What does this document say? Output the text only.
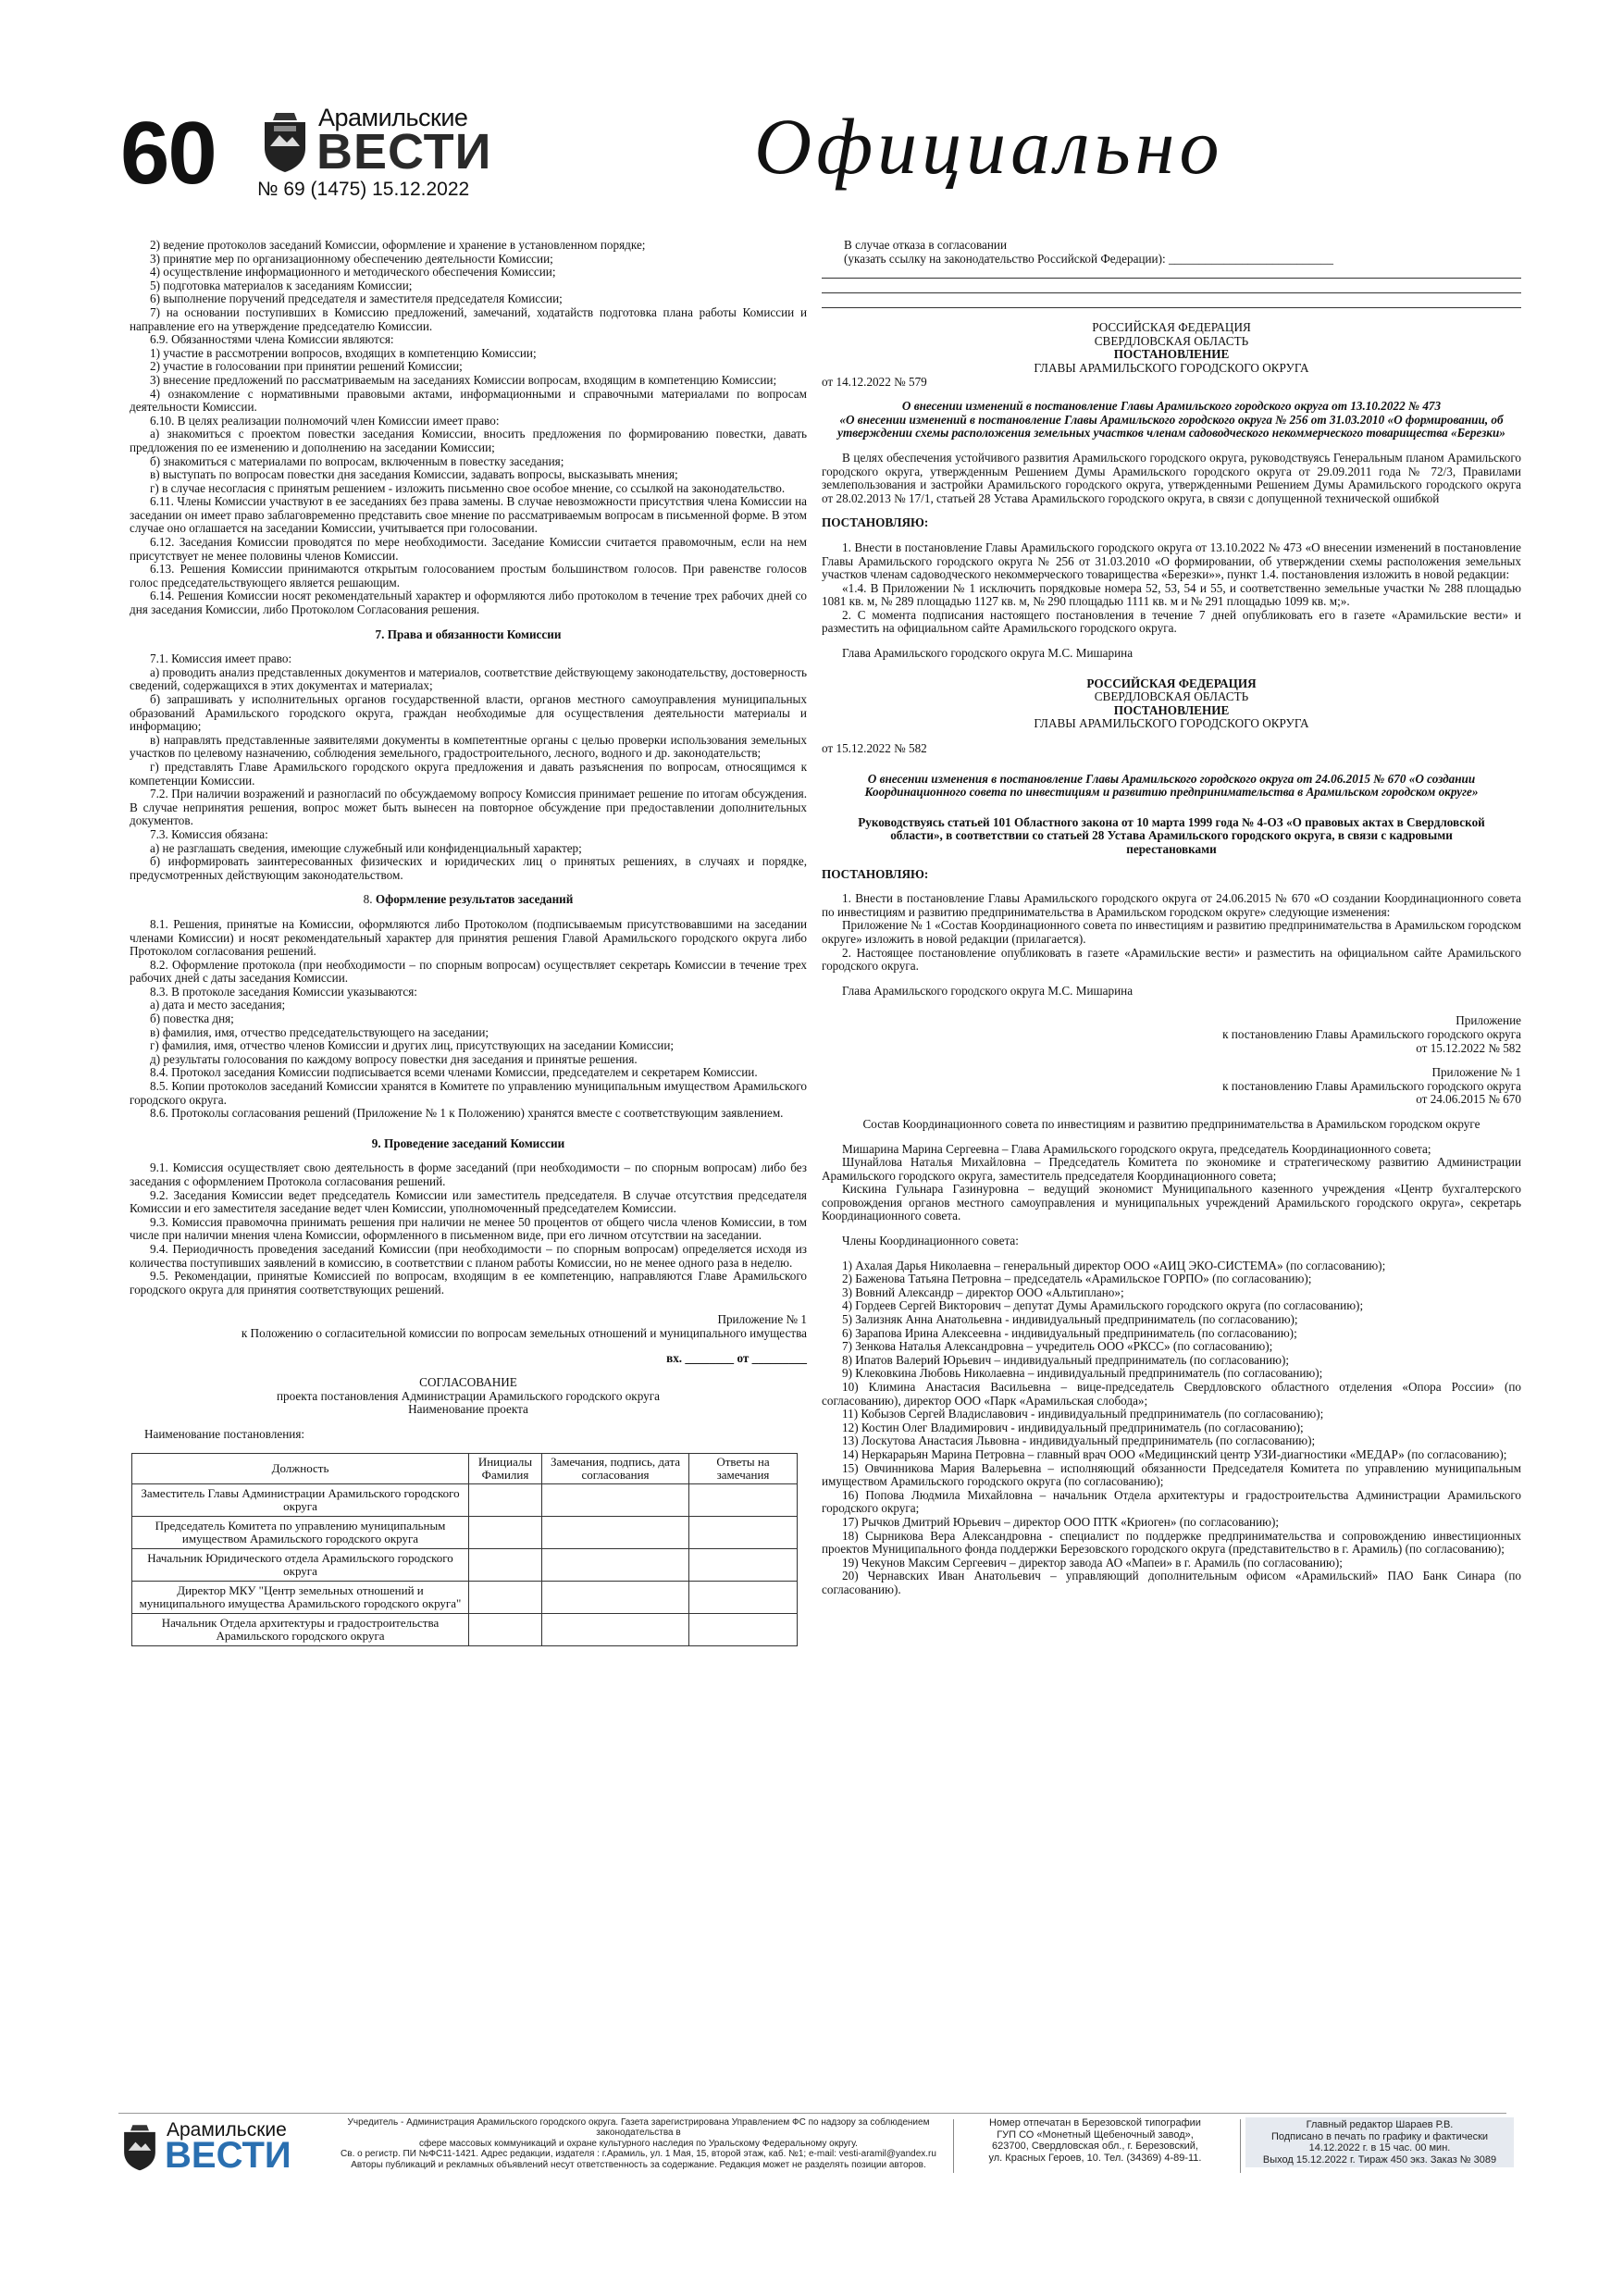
60	Арамильские
ВЕСТИ
№ 69 (1475) 15.12.2022	Официально

2) ведение протоколов заседаний Комиссии, оформление и хранение в установленном порядке;

3) принятие мер по организационному обеспечению деятельности Комиссии;

4) осуществление информационного и методического обеспечения Комиссии;

5) подготовка материалов к заседаниям Комиссии;

6) выполнение поручений председателя и заместителя председателя Комиссии;

7) на основании поступивших в Комиссию предложений, замечаний, ходатайств подготовка плана работы Комиссии и направление его на утверждение председателю Комиссии.

6.9. Обязанностями члена Комиссии являются:

1) участие в рассмотрении вопросов, входящих в компетенцию Комиссии;

2) участие в голосовании при принятии решений Комиссии;

3) внесение предложений по рассматриваемым на заседаниях Комиссии вопросам, входящим в компетенцию Комиссии;

4) ознакомление с нормативными правовыми актами, информационными и справочными материалами по вопросам деятельности Комиссии.

6.10. В целях реализации полномочий член Комиссии имеет право:

а) знакомиться с проектом повестки заседания Комиссии, вносить предложения по формированию повестки, давать предложения по ее изменению и дополнению на заседании Комиссии;

б) знакомиться с материалами по вопросам, включенным в повестку заседания;

в) выступать по вопросам повестки дня заседания Комиссии, задавать вопросы, высказывать мнения;

г) в случае несогласия с принятым решением - изложить письменно свое особое мнение, со ссылкой на законодательство.

6.11. Члены Комиссии участвуют в ее заседаниях без права замены. В случае невозможности присутствия члена Комиссии на заседании он имеет право заблаговременно представить свое мнение по рассматриваемым вопросам в письменной форме. В этом случае оно оглашается на заседании Комиссии, учитывается при голосовании.

6.12. Заседания Комиссии проводятся по мере необходимости. Заседание Комиссии считается правомочным, если на нем присутствует не менее половины членов Комиссии.

6.13. Решения Комиссии принимаются открытым голосованием простым большинством голосов. При равенстве голосов голос председательствующего является решающим.

6.14. Решения Комиссии носят рекомендательный характер и оформляются либо протоколом в течение трех рабочих дней со дня заседания Комиссии, либо Протоколом Согласования решения.

7. Права и обязанности Комиссии

7.1. Комиссия имеет право:

а) проводить анализ представленных документов и материалов, соответствие действующему законодательству, достоверность сведений, содержащихся в этих документах и материалах;

б) запрашивать у исполнительных органов государственной власти, органов местного самоуправления муниципальных образований Арамильского городского округа, граждан необходимые для осуществления деятельности материалы и информацию;

в) направлять представленные заявителями документы в компетентные органы с целью проверки использования земельных участков по целевому назначению, соблюдения земельного, градостроительного, лесного, водного и др. законодательств;

г) представлять Главе Арамильского городского округа предложения и давать разъяснения по вопросам, относящимся к компетенции Комиссии.

7.2. При наличии возражений и разногласий по обсуждаемому вопросу Комиссия принимает решение по итогам обсуждения. В случае непринятия решения, вопрос может быть вынесен на повторное обсуждение при предоставлении дополнительных документов.

7.3. Комиссия обязана:

а) не разглашать сведения, имеющие служебный или конфиденциальный характер;

б) информировать заинтересованных физических и юридических лиц о принятых решениях, в случаях и порядке, предусмотренных действующим законодательством.

8. Оформление результатов заседаний

8.1. Решения, принятые на Комиссии, оформляются либо Протоколом (подписываемым присутствовавшими на заседании членами Комиссии) и носят рекомендательный характер для принятия решения Главой Арамильского городского округа либо Протоколом согласования решений.

8.2. Оформление протокола (при необходимости – по спорным вопросам) осуществляет секретарь Комиссии в течение трех рабочих дней с даты заседания Комиссии.

8.3. В протоколе заседания Комиссии указываются:

а) дата и место заседания;

б) повестка дня;

в) фамилия, имя, отчество председательствующего на заседании;

г) фамилия, имя, отчество членов Комиссии и других лиц, присутствующих на заседании Комиссии;

д) результаты голосования по каждому вопросу повестки дня заседания и принятые решения.

8.4. Протокол заседания Комиссии подписывается всеми членами Комиссии, председателем и секретарем Комиссии.

8.5. Копии протоколов заседаний Комиссии хранятся в Комитете по управлению муниципальным имуществом Арамильского городского округа.

8.6. Протоколы согласования решений (Приложение № 1 к Положению) хранятся вместе с соответствующим заявлением.

9. Проведение заседаний Комиссии

9.1. Комиссия осуществляет свою деятельность в форме заседаний (при необходимости – по спорным вопросам) либо без заседания с оформлением Протокола согласования решений.

9.2. Заседания Комиссии ведет председатель Комиссии или заместитель председателя. В случае отсутствия председателя Комиссии и его заместителя заседание ведет член Комиссии, уполномоченный председателем Комиссии.

9.3. Комиссия правомочна принимать решения при наличии не менее 50 процентов от общего числа членов Комиссии, в том числе при наличии мнения члена Комиссии, оформленного в письменном виде, при его личном отсутствии на заседании.

9.4. Периодичность проведения заседаний Комиссии (при необходимости – по спорным вопросам) определяется исходя из количества поступивших заявлений в комиссию, в соответствии с планом работы Комиссии, но не менее одного раза в неделю.

9.5. Рекомендации, принятые Комиссией по вопросам, входящим в ее компетенцию, направляются Главе Арамильского городского округа для принятия соответствующих решений.

Приложение № 1

к Положению о согласительной комиссии по вопросам земельных отношений и муниципального имущества

вх. ________ от _________

СОГЛАСОВАНИЕ

проекта постановления Администрации Арамильского городского округа

Наименование проекта

Наименование постановления:

Должность	Инициалы Фамилия	Замечания, подпись, дата согласования	Ответы на замечания
Заместитель Главы Администрации Арамильского городского округа			
Председатель Комитета по управлению муниципальным имуществом Арамильского городского округа			
Начальник Юридического отдела Арамильского городского округа			
Директор МКУ "Центр земельных отношений и муниципального имущества Арамильского городского округа"			
Начальник Отдела архитектуры и градостроительства Арамильского городского округа			

В случае отказа в согласовании

(указать ссылку на законодательство Российской Федерации): ___________________________

РОССИЙСКАЯ ФЕДЕРАЦИЯ

СВЕРДЛОВСКАЯ ОБЛАСТЬ

ПОСТАНОВЛЕНИЕ

ГЛАВЫ АРАМИЛЬСКОГО ГОРОДСКОГО ОКРУГА

от 14.12.2022 № 579

О внесении изменений в постановление Главы Арамильского городского округа от 13.10.2022 № 473

«О внесении изменений в постановление Главы Арамильского городского округа № 256 от 31.03.2010 «О формировании, об утверждении схемы расположения земельных участков членам садоводческого некоммерческого товарищества «Березки»

В целях обеспечения устойчивого развития Арамильского городского округа, руководствуясь Генеральным планом Арамильского городского округа, утвержденным Решением Думы Арамильского городского округа от 29.09.2011 года № 72/3, Правилами землепользования и застройки Арамильского городского округа, утвержденными Решением Думы Арамильского городского округа от 28.02.2013 № 17/1, статьей 28 Устава Арамильского городского округа, в связи с допущенной технической ошибкой

ПОСТАНОВЛЯЮ:

1. Внести в постановление Главы Арамильского городского округа от 13.10.2022 № 473 «О внесении изменений в постановление Главы Арамильского городского округа № 256 от 31.03.2010 «О формировании, об утверждении схемы расположения земельных участков членам садоводческого некоммерческого товарищества «Березки»», пункт 1.4. постановления изложить в новой редакции:

«1.4. В Приложении № 1 исключить порядковые номера 52, 53, 54 и 55, и соответственно земельные участки № 288 площадью 1081 кв. м, № 289 площадью 1127 кв. м, № 290 площадью 1111 кв. м и № 291 площадью 1099 кв. м;».

2. С момента подписания настоящего постановления в течение 7 дней опубликовать его в газете «Арамильские вести» и разместить на официальном сайте Арамильского городского округа.

Глава Арамильского городского округа М.С. Мишарина

РОССИЙСКАЯ ФЕДЕРАЦИЯ

СВЕРДЛОВСКАЯ ОБЛАСТЬ

ПОСТАНОВЛЕНИЕ

ГЛАВЫ АРАМИЛЬСКОГО ГОРОДСКОГО ОКРУГА

от 15.12.2022 № 582

О внесении изменения в постановление Главы Арамильского городского округа от 24.06.2015 № 670 «О создании Координационного совета по инвестициям и развитию предпринимательства в Арамильском городском округе»

Руководствуясь статьей 101 Областного закона от 10 марта 1999 года № 4-ОЗ «О правовых актах в Свердловской области», в соответствии со статьей 28 Устава Арамильского городского округа, в связи с кадровыми перестановками

ПОСТАНОВЛЯЮ:

1. Внести в постановление Главы Арамильского городского округа от 24.06.2015 № 670 «О создании Координационного совета по инвестициям и развитию предпринимательства в Арамильском городском округе» следующие изменения:

Приложение № 1 «Состав Координационного совета по инвестициям и развитию предпринимательства в Арамильском городском округе» изложить в новой редакции (прилагается).

2. Настоящее постановление опубликовать в газете «Арамильские вести» и разместить на официальном сайте Арамильского городского округа.

Глава Арамильского городского округа М.С. Мишарина

Приложение

к постановлению Главы Арамильского городского округа

от 15.12.2022 № 582

Приложение № 1

к постановлению Главы Арамильского городского округа

от 24.06.2015 № 670

Состав Координационного совета по инвестициям и развитию предпринимательства в Арамильском городском округе

Мишарина Марина Сергеевна – Глава Арамильского городского округа, председатель Координационного совета;

Шунайлова Наталья Михайловна – Председатель Комитета по экономике и стратегическому развитию Администрации Арамильского городского округа, заместитель председателя Координационного совета;

Кискина Гульнара Газинуровна – ведущий экономист Муниципального казенного учреждения «Центр бухгалтерского сопровождения органов местного самоуправления и муниципальных учреждений Арамильского городского округа», секретарь Координационного совета.

Члены Координационного совета:

1) Ахалая Дарья Николаевна – генеральный директор ООО «АИЦ ЭКО-СИСТЕМА» (по согласованию);

2) Баженова Татьяна Петровна – председатель «Арамильское ГОРПО» (по согласованию);

3) Вовний Александр – директор ООО «Альтиплано»;

4) Гордеев Сергей Викторович – депутат Думы Арамильского городского округа (по согласованию);

5) Зализняк Анна Анатольевна - индивидуальный предприниматель (по согласованию);

6) Зарапова Ирина Алексеевна - индивидуальный предприниматель (по согласованию);

7) Зенкова Наталья Александровна – учредитель ООО «РКСС» (по согласованию);

8) Ипатов Валерий Юрьевич – индивидуальный предприниматель (по согласованию);

9) Клековкина Любовь Николаевна – индивидуальный предприниматель (по согласованию);

10) Климина Анастасия Васильевна – вице-председатель Свердловского областного отделения «Опора России» (по согласованию), директор ООО «Парк «Арамильская слобода»;

11) Кобызов Сергей Владиславович - индивидуальный предприниматель (по согласованию);

12) Костин Олег Владимирович - индивидуальный предприниматель (по согласованию);

13) Лоскутова Анастасия Львовна - индивидуальный предприниматель (по согласованию);

14) Неркарарьян Марина Петровна – главный врач ООО «Медицинский центр УЗИ-диагностики «МЕДАР» (по согласованию);

15) Овчинникова Мария Валерьевна – исполняющий обязанности Председателя Комитета по управлению муниципальным имуществом Арамильского городского округа (по согласованию);

16) Попова Людмила Михайловна – начальник Отдела архитектуры и градостроительства Администрации Арамильского городского округа;

17) Рычков Дмитрий Юрьевич – директор ООО ПТК «Криоген» (по согласованию);

18) Сырникова Вера Александровна - специалист по поддержке предпринимательства и сопровождению инвестиционных проектов Муниципального фонда поддержки Березовского городского округа (представительство в г. Арамиль) (по согласованию);

19) Чекунов Максим Сергеевич – директор завода АО «Мапеи» в г. Арамиль (по согласованию);

20) Чернавских Иван Анатольевич – управляющий дополнительным офисом «Арамильский» ПАО Банк Синара (по согласованию).

Арамильские
ВЕСТИ
Учредитель - Администрация Арамильского городского округа. Газета зарегистрирована Управлением ФС по надзору за соблюдением законодательства в
сфере массовых коммуникаций и охране культурного наследия по Уральскому Федеральному округу.
Св. о регистр. ПИ №ФС11-1421. Адрес редакции, издателя : г.Арамиль, ул. 1 Мая, 15, второй этаж, каб. №1; e-mail: vesti-aramil@yandex.ru
Авторы публикаций и рекламных объявлений несут ответственность за содержание. Редакция может не разделять позиции авторов.
Номер отпечатан в Березовской типографии
ГУП СО «Монетный Щебеночный завод»,
623700, Свердловская обл., г. Березовский,
ул. Красных Героев, 10. Тел. (34369) 4-89-11.
Главный редактор Шараев Р.В.
Подписано в печать по графику и фактически
14.12.2022 г. в 15 час. 00 мин.
Выход 15.12.2022 г. Тираж 450 экз. Заказ № 3089
